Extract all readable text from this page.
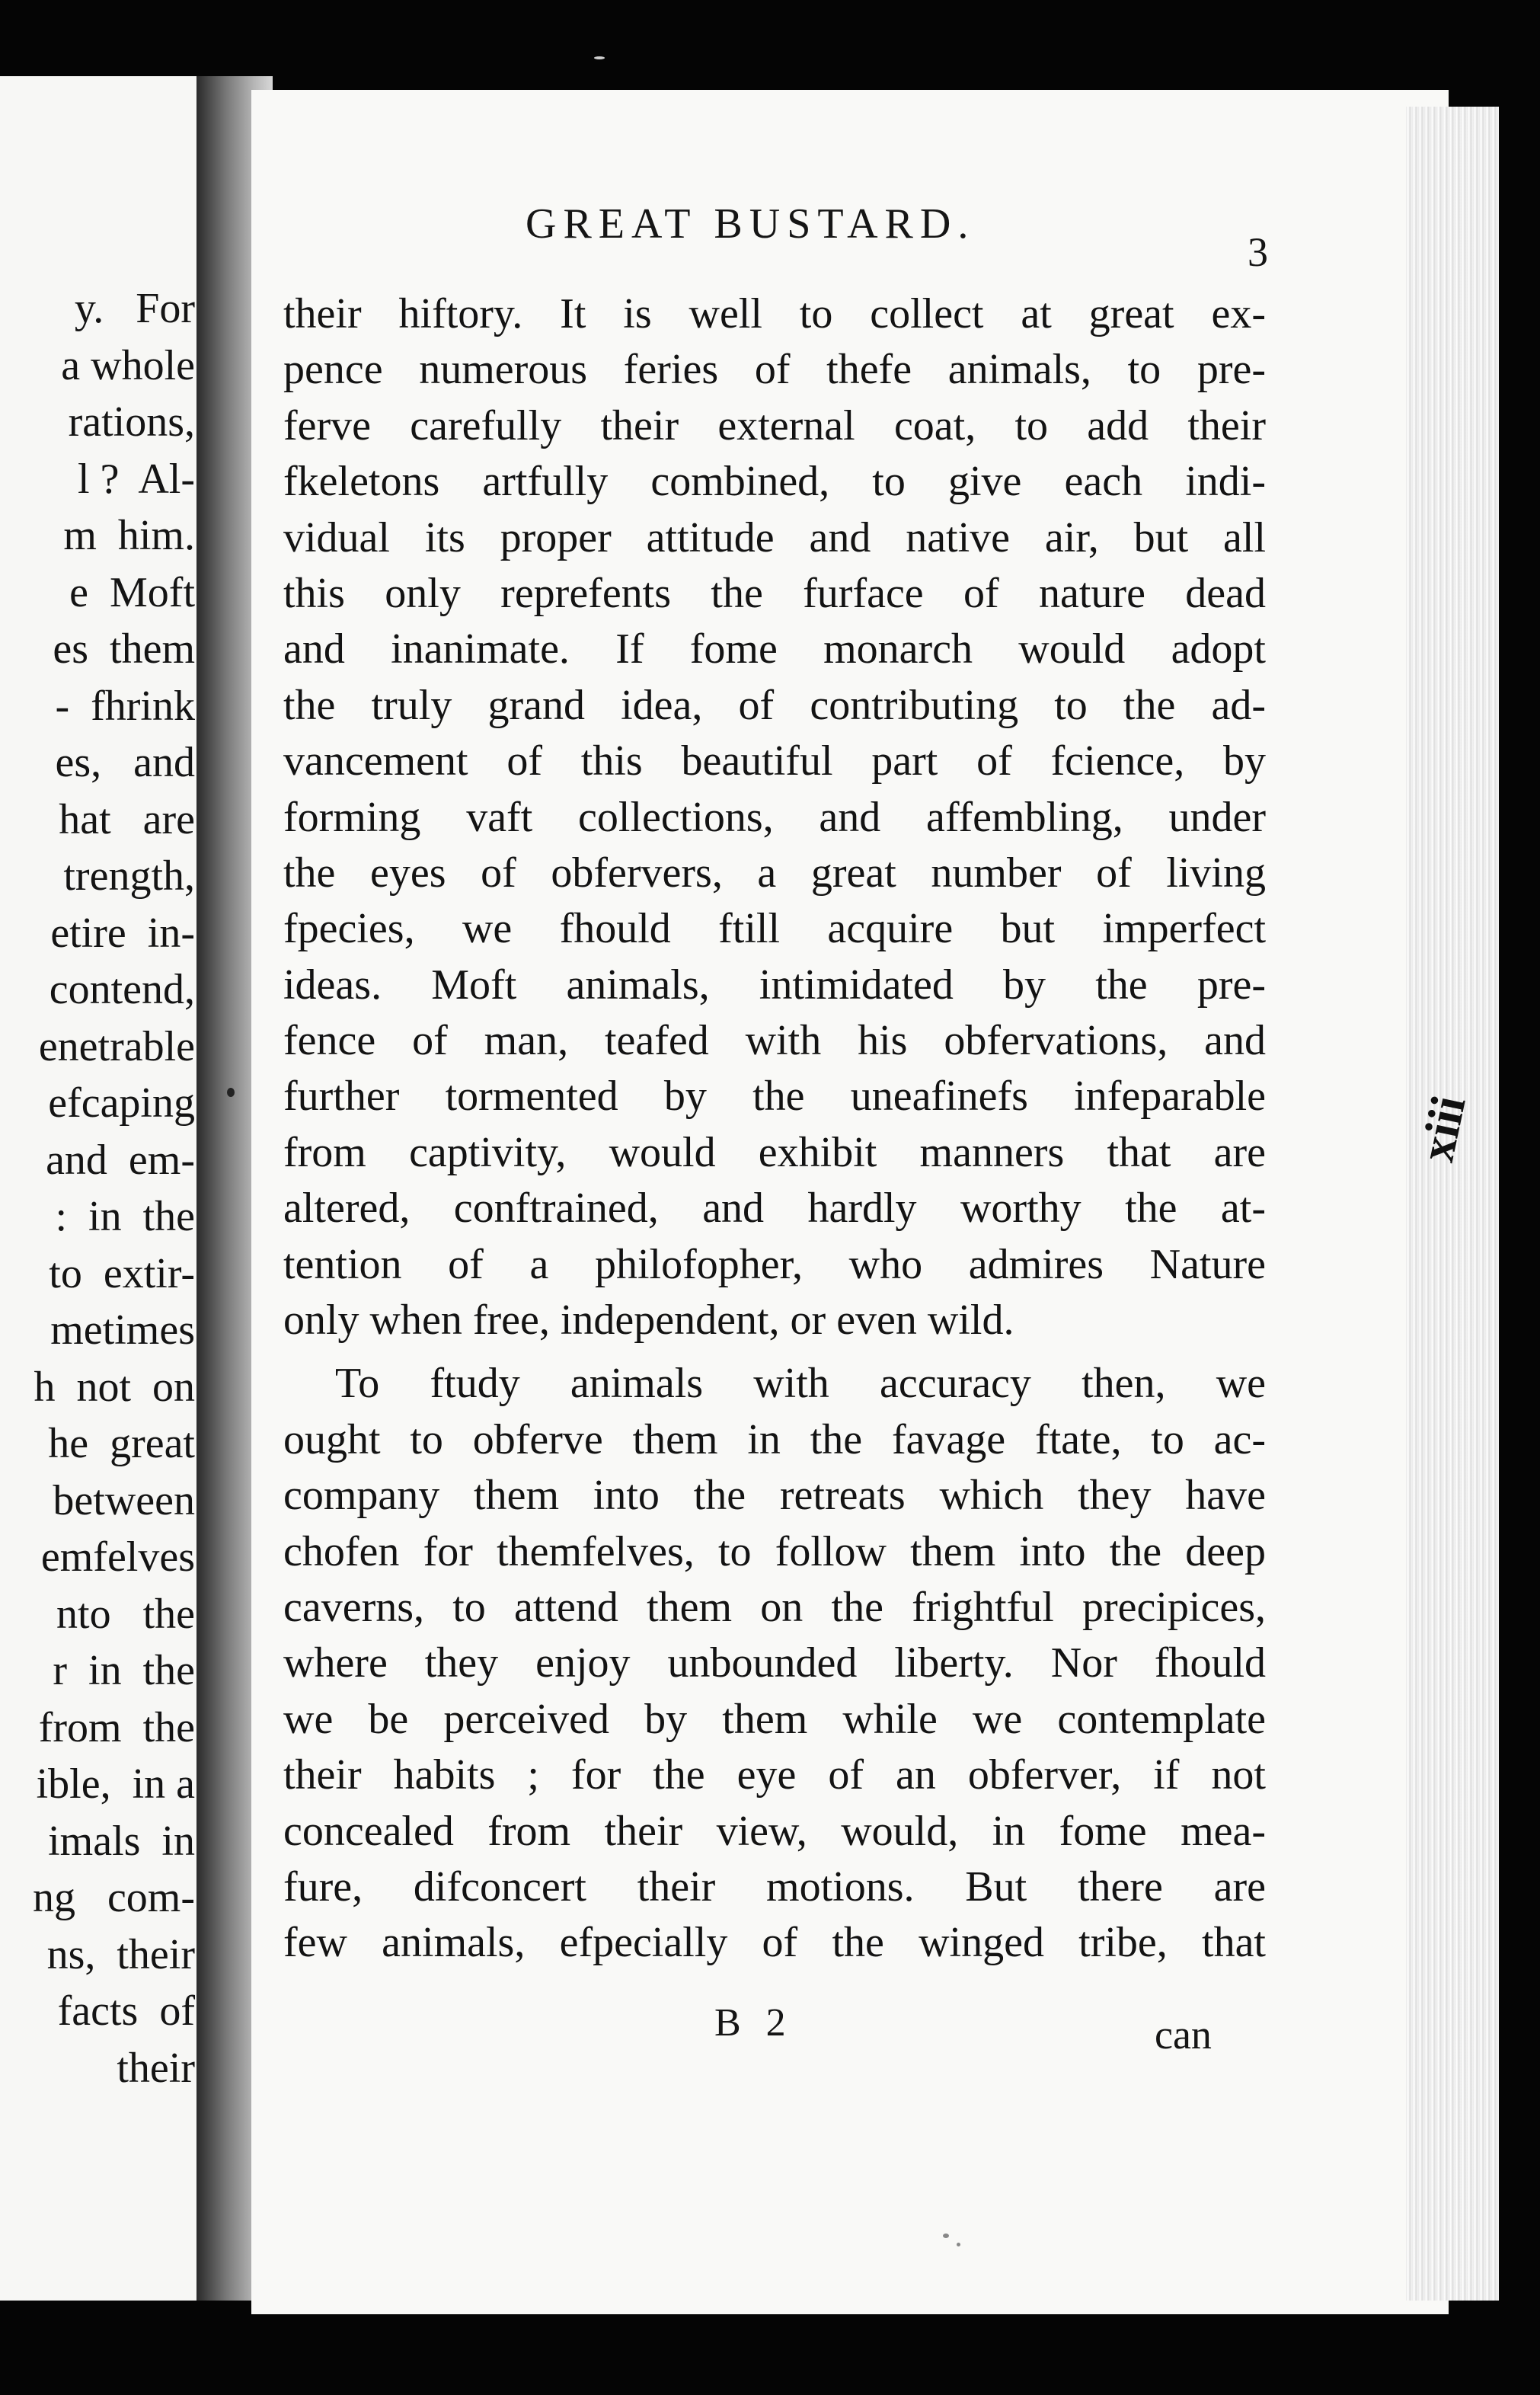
y.   For
a whole
rations,
l ?  Al-
m  him.
e  Moft
es  them
-  fhrink
es,   and
hat   are
trength,
etire  in-
contend,
enetrable
efcaping
and  em-
:  in  the
to  extir-
metimes
h  not  on
he  great
between
emfelves
nto   the
r  in  the
from  the
ible,  in a
imals  in
ng   com-
ns,  their
facts  of
their
xiii
GREAT BUSTARD.
3
their hiftory. It is well to collect at great ex-
pence numerous feries of thefe animals, to pre-
ferve carefully their external coat, to add their
fkeletons artfully combined, to give each indi-
vidual its proper attitude and native air, but all
this only reprefents the furface of nature dead
and inanimate. If fome monarch would adopt
the truly grand idea, of contributing to the ad-
vancement of this beautiful part of fcience, by
forming vaft collections, and affembling, under
the eyes of obfervers, a great number of living
fpecies, we fhould ftill acquire but imperfect
ideas. Moft animals, intimidated by the pre-
fence of man, teafed with his obfervations, and
further tormented by the uneafinefs infeparable
from captivity, would exhibit manners that are
altered, conftrained, and hardly worthy the at-
tention of a philofopher, who admires Nature
only when free, independent, or even wild.
To ftudy animals with accuracy then, we
ought to obferve them in the favage ftate, to ac-
company them into the retreats which they have
chofen for themfelves, to follow them into the deep
caverns, to attend them on the frightful precipices,
where they enjoy unbounded liberty. Nor fhould
we be perceived by them while we contemplate
their habits ; for the eye of an obferver, if not
concealed from their view, would, in fome mea-
fure, difconcert their motions. But there are
few animals, efpecially of the winged tribe, that
B 2	can
